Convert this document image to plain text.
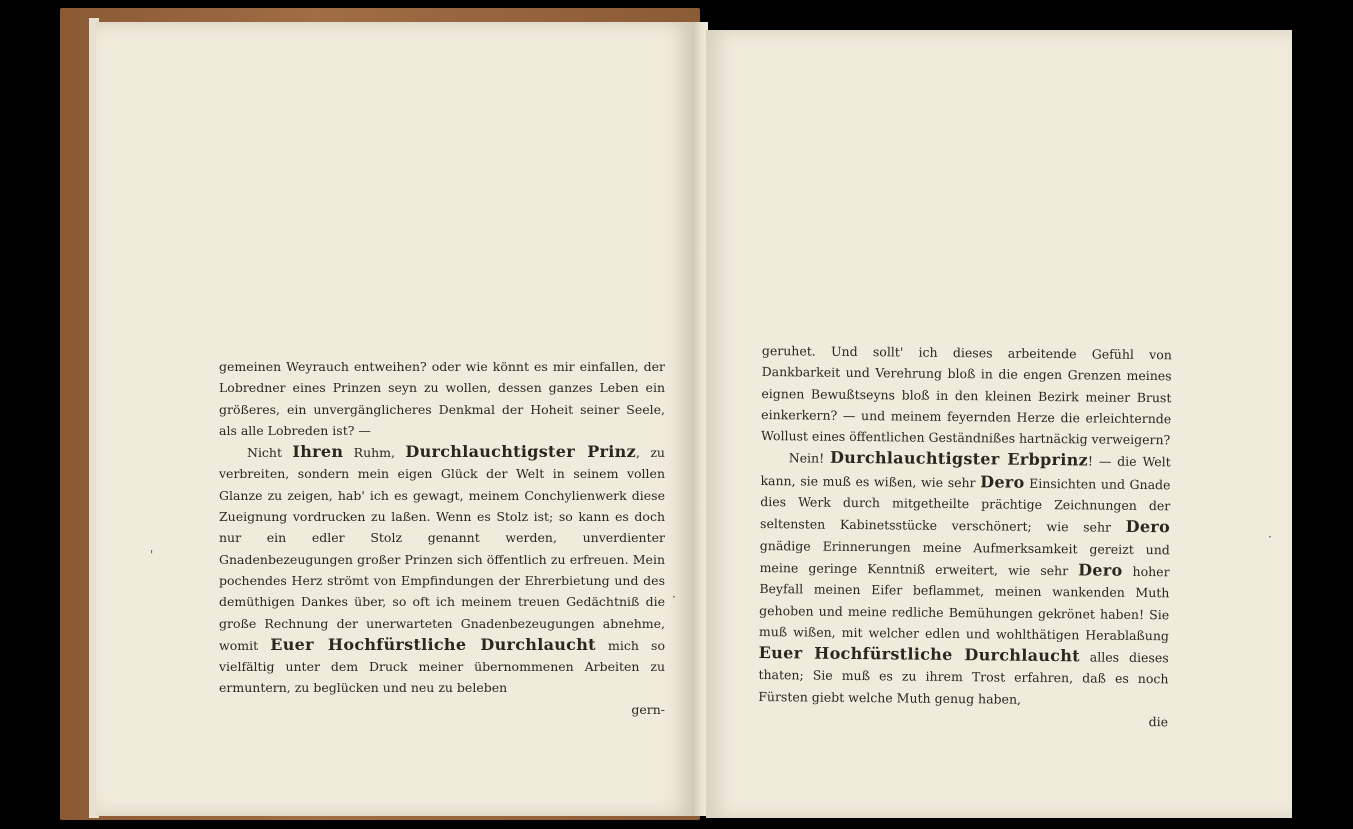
gemeinen Weyrauch entweihen? oder wie könnt es mir einfallen, der Lobredner eines Prinzen seyn zu wollen, dessen ganzes Leben ein größeres, ein unvergänglicheres Denkmal der Hoheit seiner Seele, als alle Lobreden ist? —

Nicht Ihren Ruhm, Durchlauchtigster Prinz, zu verbreiten, sondern mein eigen Glück der Welt in seinem vollen Glanze zu zeigen, hab' ich es gewagt, meinem Conchylienwerk diese Zueignung vordrucken zu laßen. Wenn es Stolz ist; so kann es doch nur ein edler Stolz genannt werden, unverdienter Gnadenbezeugungen großer Prinzen sich öffentlich zu erfreuen. Mein pochendes Herz strömt von Empfindungen der Ehrerbietung und des demüthigen Dankes über, so oft ich meinem treuen Gedächtniß die große Rechnung der unerwarteten Gnadenbezeugungen abnehme, womit Euer Hochfürstliche Durchlaucht mich so vielfältig unter dem Druck meiner übernommenen Arbeiten zu ermuntern, zu beglücken und neu zu beleben

gern-

geruhet. Und sollt' ich dieses arbeitende Gefühl von Dankbarkeit und Verehrung bloß in die engen Grenzen meines eignen Bewußtseyns bloß in den kleinen Bezirk meiner Brust einkerkern? — und meinem feyernden Herze die erleichternde Wollust eines öffentlichen Geständnißes hartnäckig verweigern?

Nein! Durchlauchtigster Erbprinz! — die Welt kann, sie muß es wißen, wie sehr Dero Einsichten und Gnade dies Werk durch mitgetheilte prächtige Zeichnungen der seltensten Kabinetsstücke verschönert; wie sehr Dero gnädige Erinnerungen meine Aufmerksamkeit gereizt und meine geringe Kenntniß erweitert, wie sehr Dero hoher Beyfall meinen Eifer beflammet, meinen wankenden Muth gehoben und meine redliche Bemühungen gekrönet haben! Sie muß wißen, mit welcher edlen und wohlthätigen Herablaßung Euer Hochfürstliche Durchlaucht alles dieses thaten; Sie muß es zu ihrem Trost erfahren, daß es noch Fürsten giebt welche Muth genug haben,

die

'
·
·
